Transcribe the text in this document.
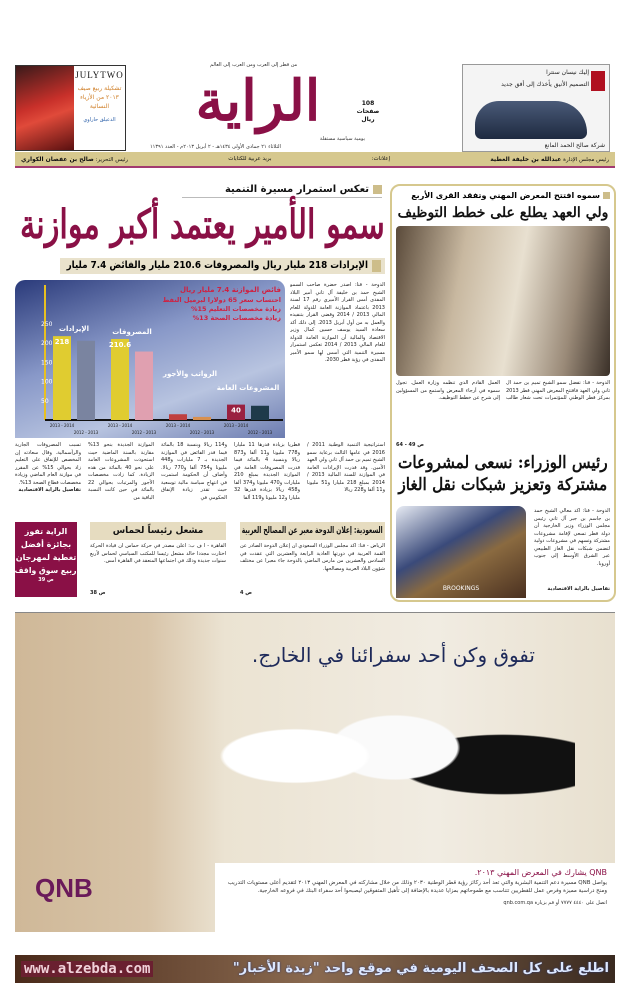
JULYTWO
تشكيلة ربيع صيف ٢٠١٣ من الأزياء النسائية
الدعيلق حاراوي
من قطر إلى العرب ومن العرب إلى العالم
الراية
يومية سياسية مستقلة
الثلاثاء ٢١ جمادى الأولى ١٤٣٤هـ - ٢ أبريل ٢٠١٣م - العدد ١١٣٩١
108
صفحات
ريال
إليك نيسان سنترا
التصميم الأنيق يأخذك إلى أفق جديد
شركة صالح الحمد المانع
رئيس مجلس الإدارة عبدالله بن خليفة العطية
إعلانات:
بريد عربية للكتابات
رئيس التحرير: صالح بن عفصان الكواري
تعكس استمرار مسيرة التنمية
سمو الأمير يعتمد أكبر موازنة
الإيرادات 218 مليار ريال والمصروفات 210.6 مليار والفائض 7.4 مليار
50
100
150
200
250
2014 - 2013
2013 - 2012
218
الإيرادات
2014 - 2013
2013 - 2012
210.6
المصروفات
2014 - 2013
2013 - 2012
الرواتب والأجور
2014 - 2013
2013 - 2012
40
المشروعات العامة
فائض الموازنة 7.4 مليار ريال
احتساب سعر 65 دولارا لبرميل النفط
زيادة مخصصات التعليم 15%
زيادة مخصصات الصحة 13%
الدوحة - قنا: أصدر حضرة صاحب السمو الشيخ حمد بن خليفة آل ثاني أمير البلاد المفدى أمس القرار الأميري رقم 17 لسنة 2013 باعتماد الموازنة العامة للدولة للعام المالي 2013 / 2014 وقضى القرار بتنفيذه والعمل به من أول أبريل 2013. إلى ذلك أكد سعادة السيد يوسف حسين كمال وزير الاقتصاد والمالية أن الموازنة العامة للدولة للعام المالي 2013 / 2014 تعكس استمرار مسيرة التنمية التي أسس لها سمو الأمير المفدى في رؤية قطر 2030.
تسبب المصروفات الجارية والرأسمالية. وقال سعادته إن المخصص للإنفاق على التعليم زاد بحوالي 15% عن المقرر في موازنة العام الماضي وزيادة مخصصات قطاع الصحة 13%.
تفاصيل بالراية الاقتصادية
الموازنة الجديدة بنحو 13% مقارنة بالسنة الماضية حيث استحوذت المشروعات العامة على نحو 40 بالمائة من هذه الزيادة. كما زادت مخصصات الأجور والمرتبات بحوالي 22 بالمائة في حين كانت النسبة الباقية من
و114 ريالا وبنسبة 18 بالمائة فيما قدر الفائض في الموازنة الجديدة بـ 7 مليارات و448 مليونا و754 ألفا و770 ريالا. وأضاف أن الحكومة استمرت في انتهاج سياسة مالية توسعية حيث تقدر زيادة الإنفاق الحكومي في
قطريا بزيادة قدرها 11 مليارا و778 مليونا و11 ألفا و873 ريالا وبنسبة 4 بالمائة فيما قدرت المصروفات العامة في الموازنة الجديدة بمبلغ 210 مليارات و470 مليونا و374 ألفا و458 ريالا بزيادة قدرها 32 مليارا و12 مليونا و119 ألفا
استراتيجية التنمية الوطنية 2011 / 2016 في عامها الثالث برعاية سمو الشيخ تميم بن حمد آل ثاني ولي العهد الأمين. وقد قدرت الإيرادات العامة في الموازنة للسنة المالية 2013 / 2014 بمبلغ 218 مليارا و51 مليونا و11 ألفا و228 ريالا
الراية تفوز
بجائزة أفضل
تغطية لمهرجان
ربيع سوق واقف
ص 39
مشعل رئيساً لحماس
القاهرة - أ ف ب: أعلن مصدر في حركة حماس أن قيادة الحركة اختارت مجددا خالد مشعل رئيسا للمكتب السياسي لحماس لأربع سنوات جديدة وذلك في اجتماعها المنعقد في القاهرة أمس.
ص 38
السعودية: إعلان الدوحة معبر عن المصالح العربية
الرياض - قنا: أكد مجلس الوزراء السعودي أن إعلان الدوحة الصادر عن القمة العربية في دورتها العادية الرابعة والعشرين التي عقدت في السادس والعشرين من مارس الماضي بالدوحة جاء معبرا عن مختلف شؤون البلاد العربية ومصالحها.
ص 4
سموه افتتح المعرض المهني وتفقد القرى الأربع
ولي العهد يطلع على خطط التوظيف
الدوحة - قنا: تفضل سمو الشيخ تميم بن حمد آل ثاني ولي العهد فافتتح المعرض المهني قطر 2013 بمركز قطر الوطني للمؤتمرات تحت شعار طالب العمل القادم الذي تنظمه وزارة العمل. تجول سموه في أرجاء المعرض واستمع من المسؤولين إلى شرح عن خطط التوظيف.
ص 49 - 64
رئيس الوزراء: نسعى لمشروعات مشتركة وتعزيز شبكات نقل الغاز
BROOKINGS
الدوحة - قنا: أكد معالي الشيخ حمد بن جاسم بن جبر آل ثاني رئيس مجلس الوزراء وزير الخارجية أن دولة قطر تسعى لإقامة مشروعات مشتركة وتسهم في مشروعات دولية لتضمن شبكات نقل الغاز الطبيعي عبر الشرق الأوسط إلى جنوب أوروبا.
تفاصيل بالراية الاقتصادية
تفوق وكن أحد سفرائنا في الخارج.
QNB
QNB يشارك في المعرض المهني ٢٠١٣.
يواصل QNB مسيرة دعم التنمية البشرية والتي تعد أحد ركائز رؤية قطر الوطنية ٢٠٣٠ وذلك من خلال مشاركته في المعرض المهني ٢٠١٣ لتقديم أعلى مستويات التدريب ومنح دراسية مميزة وفرص عمل للقطريين تتناسب مع طموحاتهم بمزايا عديدة بالإضافة إلى تأهيل المتفوقين ليصبحوا أحد سفراء البنك في فروعه الخارجية.
اتصل على ٤٤٤٠ ٧٧٧٧ أو قم بزيارة qnb.com.qa
اطلع على كل الصحف اليومية في موقع واحد "زبدة الأخبار"
www.alzebda.com
